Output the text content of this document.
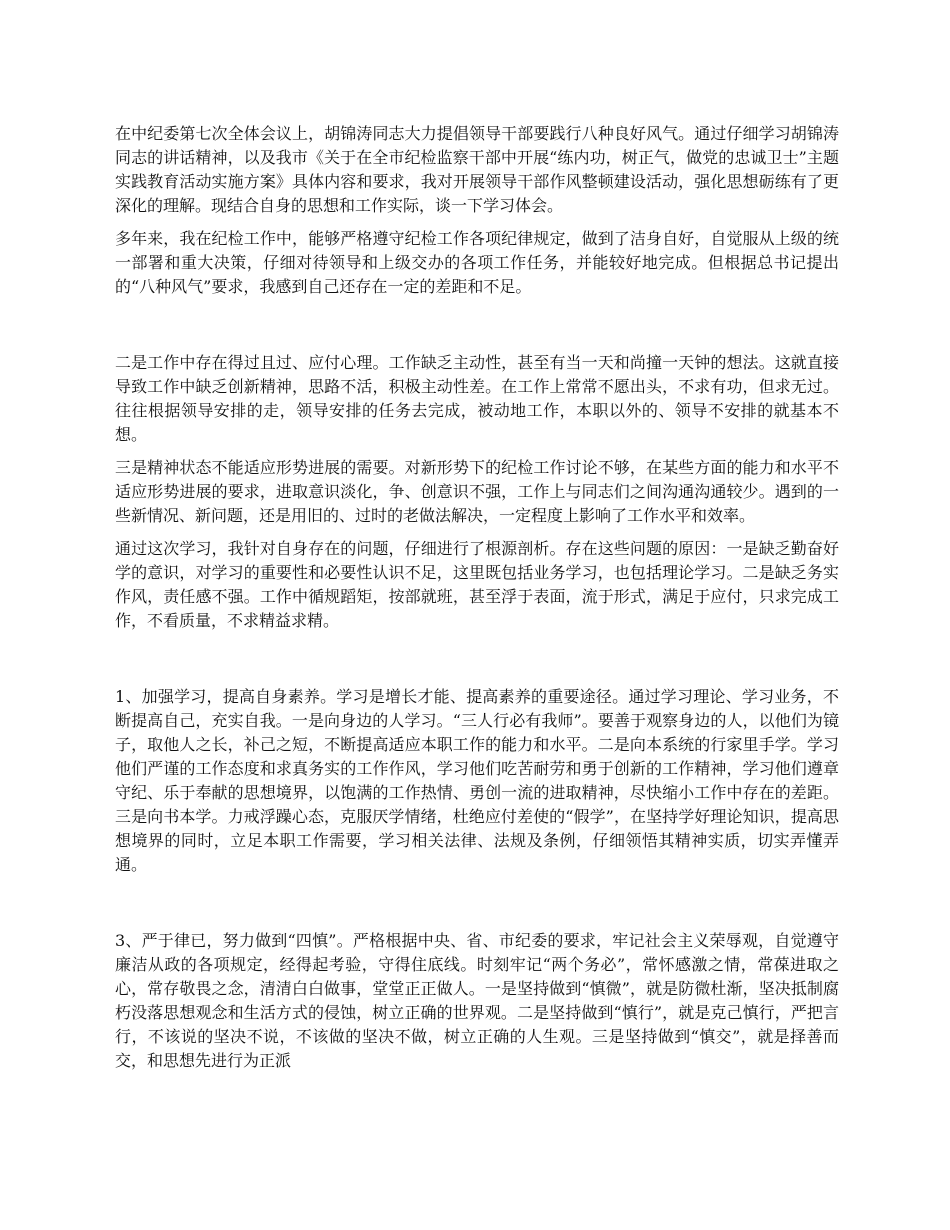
在中纪委第七次全体会议上，胡锦涛同志大力提倡领导干部要践行八种良好风气。通过仔细学习胡锦涛同志的讲话精神，以及我市《关于在全市纪检监察干部中开展“练内功，树正气，做党的忠诚卫士”主题实践教育活动实施方案》具体内容和要求，我对开展领导干部作风整顿建设活动，强化思想砺练有了更深化的理解。现结合自身的思想和工作实际，谈一下学习体会。

多年来，我在纪检工作中，能够严格遵守纪检工作各项纪律规定，做到了洁身自好，自觉服从上级的统一部署和重大决策，仔细对待领导和上级交办的各项工作任务，并能较好地完成。但根据总书记提出的“八种风气”要求，我感到自己还存在一定的差距和不足。

二是工作中存在得过且过、应付心理。工作缺乏主动性，甚至有当一天和尚撞一天钟的想法。这就直接导致工作中缺乏创新精神，思路不活，积极主动性差。在工作上常常不愿出头，不求有功，但求无过。往往根据领导安排的走，领导安排的任务去完成，被动地工作，本职以外的、领导不安排的就基本不想。

三是精神状态不能适应形势进展的需要。对新形势下的纪检工作讨论不够，在某些方面的能力和水平不适应形势进展的要求，进取意识淡化，争、创意识不强，工作上与同志们之间沟通沟通较少。遇到的一些新情况、新问题，还是用旧的、过时的老做法解决，一定程度上影响了工作水平和效率。

通过这次学习，我针对自身存在的问题，仔细进行了根源剖析。存在这些问题的原因：一是缺乏勤奋好学的意识，对学习的重要性和必要性认识不足，这里既包括业务学习，也包括理论学习。二是缺乏务实作风，责任感不强。工作中循规蹈矩，按部就班，甚至浮于表面，流于形式，满足于应付，只求完成工作，不看质量，不求精益求精。

1、加强学习，提高自身素养。学习是增长才能、提高素养的重要途径。通过学习理论、学习业务，不断提高自己，充实自我。一是向身边的人学习。“三人行必有我师”。要善于观察身边的人，以他们为镜子，取他人之长，补己之短，不断提高适应本职工作的能力和水平。二是向本系统的行家里手学。学习他们严谨的工作态度和求真务实的工作作风，学习他们吃苦耐劳和勇于创新的工作精神，学习他们遵章守纪、乐于奉献的思想境界，以饱满的工作热情、勇创一流的进取精神，尽快缩小工作中存在的差距。三是向书本学。力戒浮躁心态，克服厌学情绪，杜绝应付差使的“假学”，在坚持学好理论知识，提高思想境界的同时，立足本职工作需要，学习相关法律、法规及条例，仔细领悟其精神实质，切实弄懂弄通。

3、严于律已，努力做到“四慎”。严格根据中央、省、市纪委的要求，牢记社会主义荣辱观，自觉遵守廉洁从政的各项规定，经得起考验，守得住底线。时刻牢记“两个务必”，常怀感激之情，常葆进取之心，常存敬畏之念，清清白白做事，堂堂正正做人。一是坚持做到“慎微”，就是防微杜渐，坚决抵制腐朽没落思想观念和生活方式的侵蚀，树立正确的世界观。二是坚持做到“慎行”，就是克己慎行，严把言行，不该说的坚决不说，不该做的坚决不做，树立正确的人生观。三是坚持做到“慎交”，就是择善而交，和思想先进行为正派
